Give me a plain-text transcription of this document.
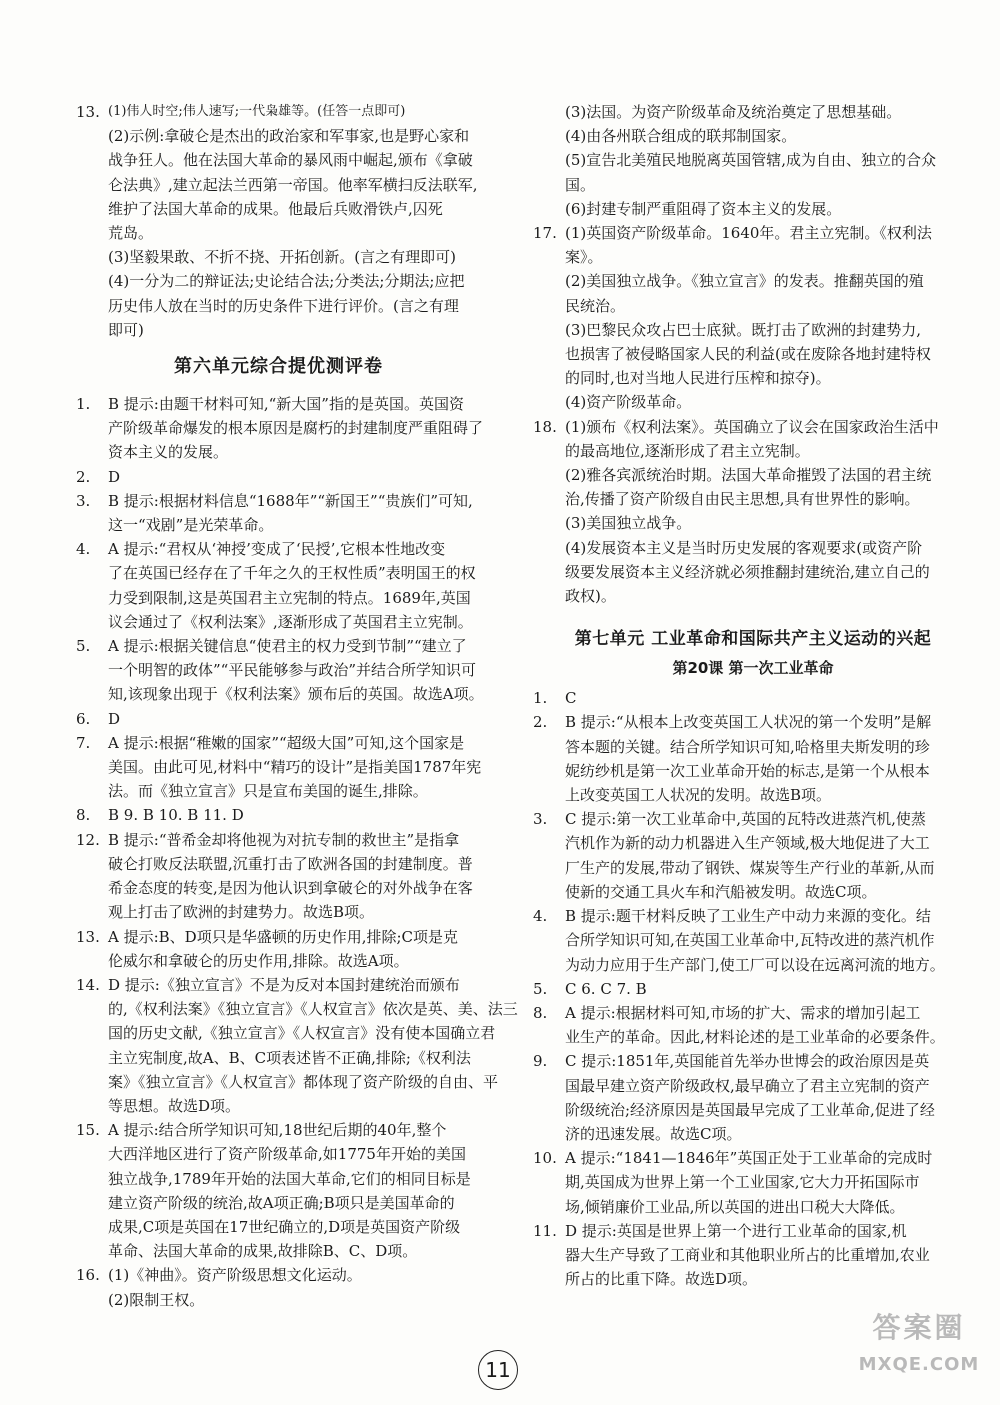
13. (1)伟人时空;伟人速写;一代枭雄等。(任答一点即可)
(2)示例:拿破仑是杰出的政治家和军事家,也是野心家和
战争狂人。他在法国大革命的暴风雨中崛起,颁布《拿破
仑法典》,建立起法兰西第一帝国。他率军横扫反法联军,
维护了法国大革命的成果。他最后兵败滑铁卢,囚死
荒岛。
(3)坚毅果敢、不折不挠、开拓创新。(言之有理即可)
(4)一分为二的辩证法;史论结合法;分类法;分期法;应把
历史伟人放在当时的历史条件下进行评价。(言之有理
即可)
第六单元综合提优测评卷
1. B 提示:由题干材料可知,“新大国”指的是英国。英国资
产阶级革命爆发的根本原因是腐朽的封建制度严重阻碍了
资本主义的发展。
2. D
3. B 提示:根据材料信息“1688年”“新国王”“贵族们”可知,
这一“戏剧”是光荣革命。
4. A 提示:“君权从‘神授’变成了‘民授’,它根本性地改变
了在英国已经存在了千年之久的王权性质”表明国王的权
力受到限制,这是英国君主立宪制的特点。1689年,英国
议会通过了《权利法案》,逐渐形成了英国君主立宪制。
5. A 提示:根据关键信息“使君主的权力受到节制”“建立了
一个明智的政体”“平民能够参与政治”并结合所学知识可
知,该现象出现于《权利法案》颁布后的英国。故选A项。
6. D
7. A 提示:根据“稚嫩的国家”“超级大国”可知,这个国家是
美国。由此可见,材料中“精巧的设计”是指美国1787年宪
法。而《独立宣言》只是宣布美国的诞生,排除。
8. B 9. B 10. B 11. D
12. B 提示:“普希金却将他视为对抗专制的救世主”是指拿
破仑打败反法联盟,沉重打击了欧洲各国的封建制度。普
希金态度的转变,是因为他认识到拿破仑的对外战争在客
观上打击了欧洲的封建势力。故选B项。
13. A 提示:B、D项只是华盛顿的历史作用,排除;C项是克
伦威尔和拿破仑的历史作用,排除。故选A项。
14. D 提示:《独立宣言》不是为反对本国封建统治而颁布
的,《权利法案》《独立宣言》《人权宣言》依次是英、美、法三
国的历史文献,《独立宣言》《人权宣言》没有使本国确立君
主立宪制度,故A、B、C项表述皆不正确,排除;《权利法
案》《独立宣言》《人权宣言》都体现了资产阶级的自由、平
等思想。故选D项。
15. A 提示:结合所学知识可知,18世纪后期的40年,整个
大西洋地区进行了资产阶级革命,如1775年开始的美国
独立战争,1789年开始的法国大革命,它们的相同目标是
建立资产阶级的统治,故A项正确;B项只是美国革命的
成果,C项是英国在17世纪确立的,D项是英国资产阶级
革命、法国大革命的成果,故排除B、C、D项。
16. (1)《神曲》。资产阶级思想文化运动。
(2)限制王权。
(3)法国。为资产阶级革命及统治奠定了思想基础。
(4)由各州联合组成的联邦制国家。
(5)宣告北美殖民地脱离英国管辖,成为自由、独立的合众
国。
(6)封建专制严重阻碍了资本主义的发展。
17. (1)英国资产阶级革命。1640年。君主立宪制。《权利法
案》。
(2)美国独立战争。《独立宣言》的发表。推翻英国的殖
民统治。
(3)巴黎民众攻占巴士底狱。既打击了欧洲的封建势力,
也损害了被侵略国家人民的利益(或在废除各地封建特权
的同时,也对当地人民进行压榨和掠夺)。
(4)资产阶级革命。
18. (1)颁布《权利法案》。英国确立了议会在国家政治生活中
的最高地位,逐渐形成了君主立宪制。
(2)雅各宾派统治时期。法国大革命摧毁了法国的君主统
治,传播了资产阶级自由民主思想,具有世界性的影响。
(3)美国独立战争。
(4)发展资本主义是当时历史发展的客观要求(或资产阶
级要发展资本主义经济就必须推翻封建统治,建立自己的
政权)。
第七单元 工业革命和国际共产主义运动的兴起
第20课 第一次工业革命
1. C
2. B 提示:“从根本上改变英国工人状况的第一个发明”是解
答本题的关键。结合所学知识可知,哈格里夫斯发明的珍
妮纺纱机是第一次工业革命开始的标志,是第一个从根本
上改变英国工人状况的发明。故选B项。
3. C 提示:第一次工业革命中,英国的瓦特改进蒸汽机,使蒸
汽机作为新的动力机器进入生产领域,极大地促进了大工
厂生产的发展,带动了钢铁、煤炭等生产行业的革新,从而
使新的交通工具火车和汽船被发明。故选C项。
4. B 提示:题干材料反映了工业生产中动力来源的变化。结
合所学知识可知,在英国工业革命中,瓦特改进的蒸汽机作
为动力应用于生产部门,使工厂可以设在远离河流的地方。
5. C 6. C 7. B
8. A 提示:根据材料可知,市场的扩大、需求的增加引起工
业生产的革命。因此,材料论述的是工业革命的必要条件。
9. C 提示:1851年,英国能首先举办世博会的政治原因是英
国最早建立资产阶级政权,最早确立了君主立宪制的资产
阶级统治;经济原因是英国最早完成了工业革命,促进了经
济的迅速发展。故选C项。
10. A 提示:“1841—1846年”英国正处于工业革命的完成时
期,英国成为世界上第一个工业国家,它大力开拓国际市
场,倾销廉价工业品,所以英国的进出口税大大降低。
11. D 提示:英国是世界上第一个进行工业革命的国家,机
器大生产导致了工商业和其他职业所占的比重增加,农业
所占的比重下降。故选D项。
11
答案圈
MXQE.COM
